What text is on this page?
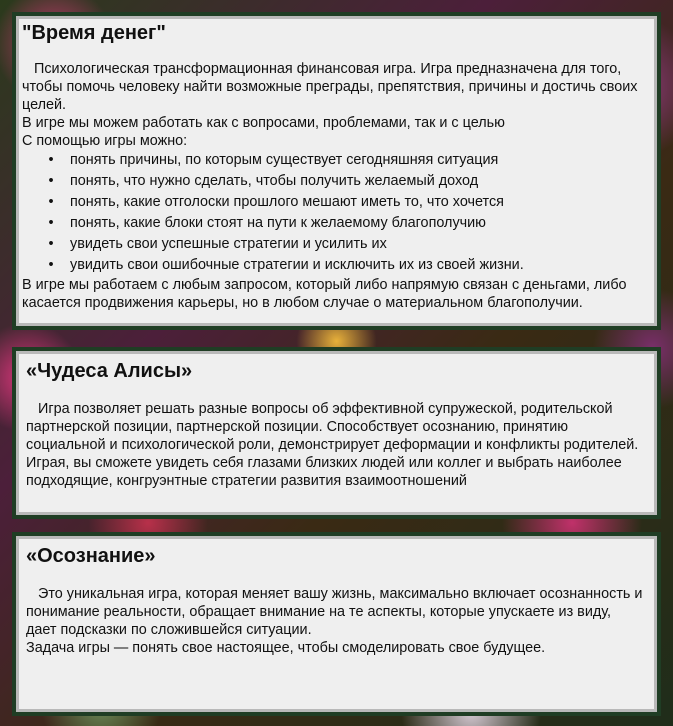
"Время денег"

Психологическая трансформационная финансовая игра. Игра предназначена для того, чтобы помочь человеку найти возможные преграды, препятствия, причины и достичь своих целей.

В игре мы можем работать как с вопросами, проблемами, так и с целью

С помощью игры можно:

• понять причины, по которым существует сегодняшняя ситуация
• понять, что нужно сделать, чтобы получить желаемый доход
• понять, какие отголоски прошлого мешают иметь то, что хочется
• понять, какие блоки стоят на пути к желаемому благополучию
• увидеть свои успешные стратегии и усилить их
• увидить свои ошибочные стратегии и исключить их из своей жизни.

В игре мы работаем с любым запросом, который либо напрямую связан с деньгами, либо касается продвижения карьеры, но в любом случае о материальном благополучии.

«Чудеса Алисы»

Игра позволяет решать разные вопросы об эффективной супружеской, родительской партнерской позиции, партнерской позиции. Способствует осознанию, принятию социальной и психологической роли, демонстрирует деформации и конфликты родителей. Играя, вы сможете увидеть себя глазами близких людей или коллег и выбрать наиболее подходящие, конгруэнтные стратегии развития взаимоотношений

«Осознание»

Это уникальная игра, которая меняет вашу жизнь, максимально включает осознанность и понимание реальности, обращает внимание на те аспекты, которые упускаете из виду, дает подсказки по сложившейся ситуации.

Задача игры — понять свое настоящее, чтобы смоделировать свое будущее.
